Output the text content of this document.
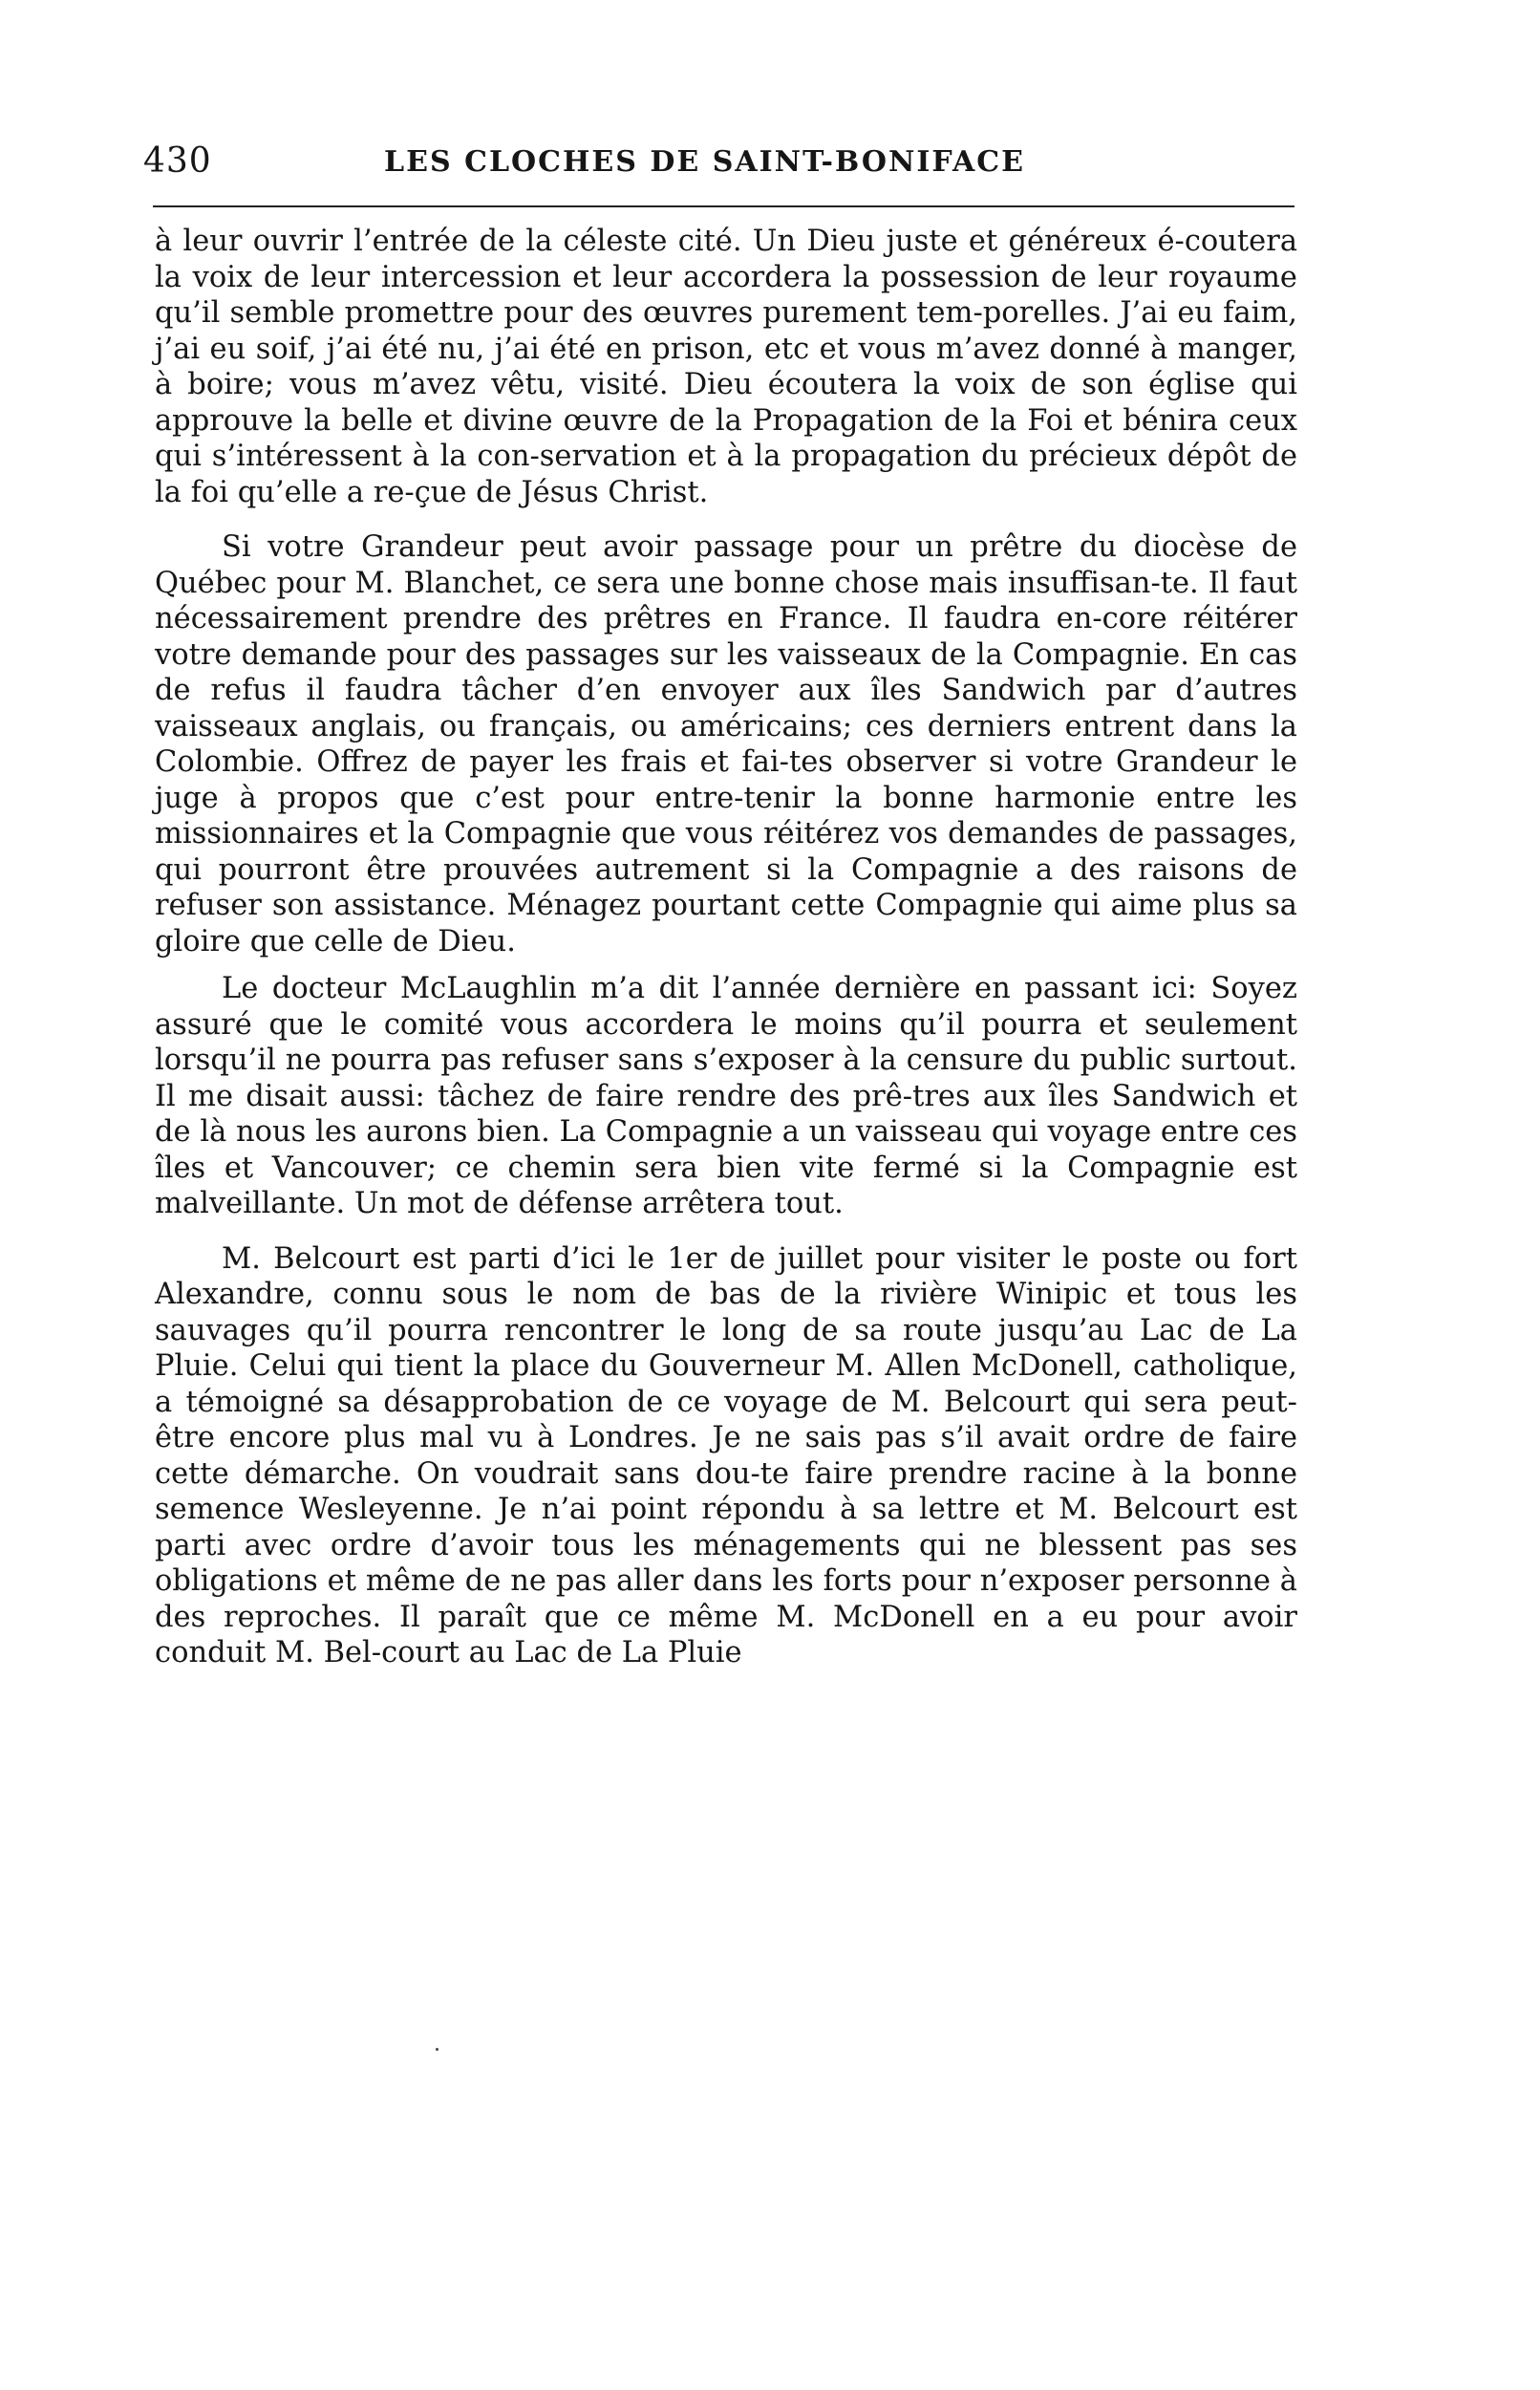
430	LES CLOCHES DE SAINT-BONIFACE

à leur ouvrir l’entrée de la céleste cité. Un Dieu juste et généreux é-coutera la voix de leur intercession et leur accordera la possession de leur royaume qu’il semble promettre pour des œuvres purement tem-porelles. J’ai eu faim, j’ai eu soif, j’ai été nu, j’ai été en prison, etc et vous m’avez donné à manger, à boire; vous m’avez vêtu, visité. Dieu écoutera la voix de son église qui approuve la belle et divine œuvre de la Propagation de la Foi et bénira ceux qui s’intéressent à la con-servation et à la propagation du précieux dépôt de la foi qu’elle a re-çue de Jésus Christ.

Si votre Grandeur peut avoir passage pour un prêtre du diocèse de Québec pour M. Blanchet, ce sera une bonne chose mais insuffisan-te. Il faut nécessairement prendre des prêtres en France. Il faudra en-core réitérer votre demande pour des passages sur les vaisseaux de la Compagnie. En cas de refus il faudra tâcher d’en envoyer aux îles Sandwich par d’autres vaisseaux anglais, ou français, ou américains; ces derniers entrent dans la Colombie. Offrez de payer les frais et fai-tes observer si votre Grandeur le juge à propos que c’est pour entre-tenir la bonne harmonie entre les missionnaires et la Compagnie que vous réitérez vos demandes de passages, qui pourront être prouvées autrement si la Compagnie a des raisons de refuser son assistance. Ménagez pourtant cette Compagnie qui aime plus sa gloire que celle de Dieu.

Le docteur McLaughlin m’a dit l’année dernière en passant ici: Soyez assuré que le comité vous accordera le moins qu’il pourra et seulement lorsqu’il ne pourra pas refuser sans s’exposer à la censure du public surtout. Il me disait aussi: tâchez de faire rendre des prê-tres aux îles Sandwich et de là nous les aurons bien. La Compagnie a un vaisseau qui voyage entre ces îles et Vancouver; ce chemin sera bien vite fermé si la Compagnie est malveillante. Un mot de défense arrêtera tout.

M. Belcourt est parti d’ici le 1er de juillet pour visiter le poste ou fort Alexandre, connu sous le nom de bas de la rivière Winipic et tous les sauvages qu’il pourra rencontrer le long de sa route jusqu’au Lac de La Pluie. Celui qui tient la place du Gouverneur M. Allen McDonell, catholique, a témoigné sa désapprobation de ce voyage de M. Belcourt qui sera peut-être encore plus mal vu à Londres. Je ne sais pas s’il avait ordre de faire cette démarche. On voudrait sans dou-te faire prendre racine à la bonne semence Wesleyenne. Je n’ai point répondu à sa lettre et M. Belcourt est parti avec ordre d’avoir tous les ménagements qui ne blessent pas ses obligations et même de ne pas aller dans les forts pour n’exposer personne à des reproches. Il paraît que ce même M. McDonell en a eu pour avoir conduit M. Bel-court au Lac de La Pluie
